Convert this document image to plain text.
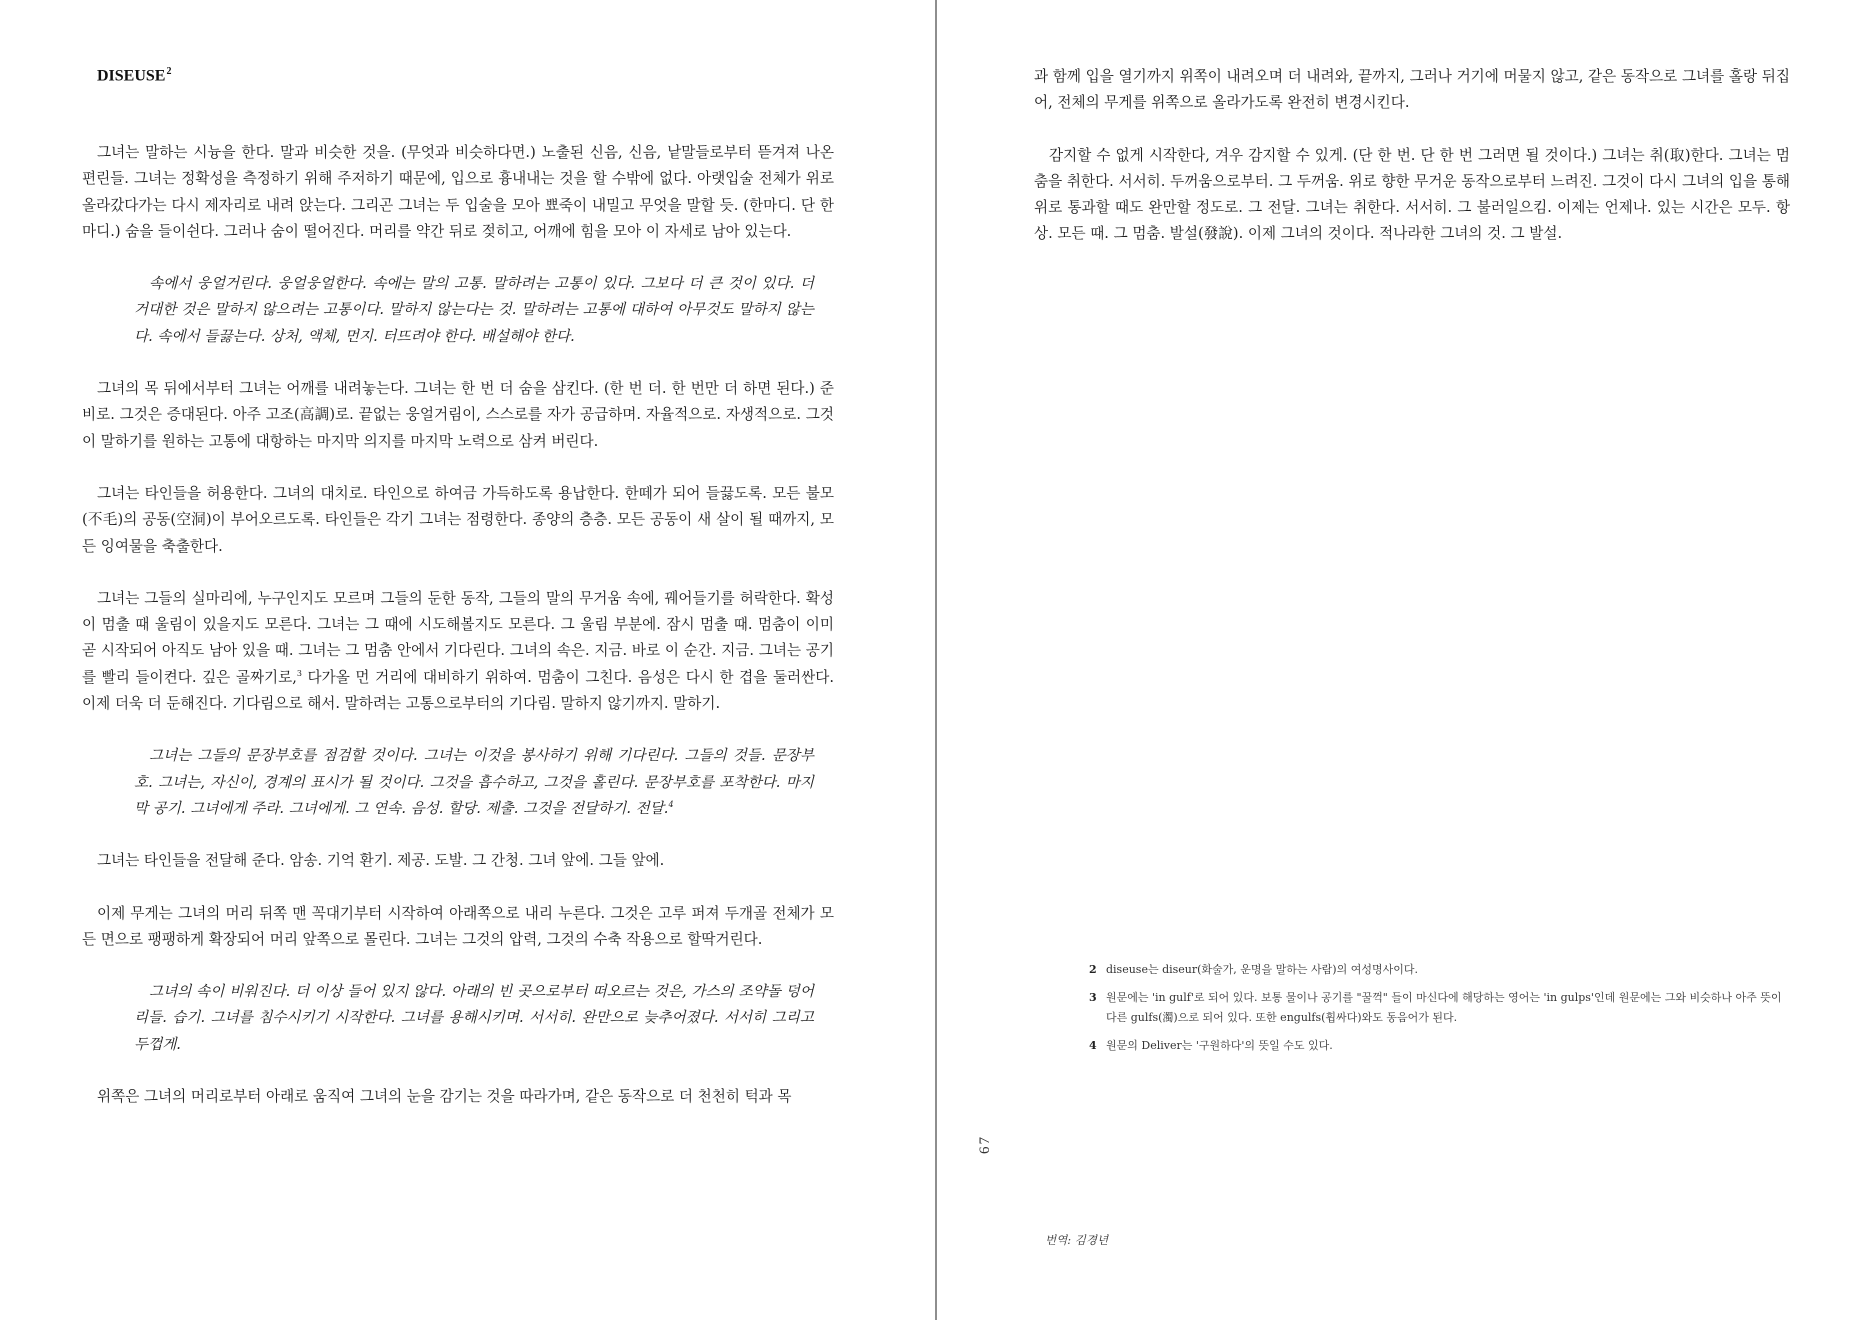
DISEUSE$^2$

그녀는 말하는 시늉을 한다. 말과 비슷한 것을. (무엇과 비슷하다면.) 노출된 신음, 신음, 낱말들로부터 뜯겨져 나온 편린들. 그녀는 정확성을 측정하기 위해 주저하기 때문에, 입으로 흉내내는 것을 할 수밖에 없다. 아랫입술 전체가 위로 올라갔다가는 다시 제자리로 내려 앉는다. 그리곤 그녀는 두 입술을 모아 뾰죽이 내밀고 무엇을 말할 듯. (한마디. 단 한마디.) 숨을 들이쉰다. 그러나 숨이 떨어진다. 머리를 약간 뒤로 젖히고, 어깨에 힘을 모아 이 자세로 남아 있는다.

속에서 웅얼거린다. 웅얼웅얼한다. 속에는 말의 고통. 말하려는 고통이 있다. 그보다 더 큰 것이 있다. 더 거대한 것은 말하지 않으려는 고통이다. 말하지 않는다는 것. 말하려는 고통에 대하여 아무것도 말하지 않는다. 속에서 들끓는다. 상처, 액체, 먼지. 터뜨려야 한다. 배설해야 한다.

그녀의 목 뒤에서부터 그녀는 어깨를 내려놓는다. 그녀는 한 번 더 숨을 삼킨다. (한 번 더. 한 번만 더 하면 된다.) 준비로. 그것은 증대된다. 아주 고조(高調)로. 끝없는 웅얼거림이, 스스로를 자가 공급하며. 자율적으로. 자생적으로. 그것이 말하기를 원하는 고통에 대항하는 마지막 의지를 마지막 노력으로 삼켜 버린다.

그녀는 타인들을 허용한다. 그녀의 대치로. 타인으로 하여금 가득하도록 용납한다. 한떼가 되어 들끓도록. 모든 불모(不毛)의 공동(空洞)이 부어오르도록. 타인들은 각기 그녀는 점령한다. 종양의 층층. 모든 공동이 새 살이 될 때까지, 모든 잉여물을 축출한다.

그녀는 그들의 실마리에, 누구인지도 모르며 그들의 둔한 동작, 그들의 말의 무거움 속에, 꿰어들기를 허락한다. 확성이 멈출 때 울림이 있을지도 모른다. 그녀는 그 때에 시도해볼지도 모른다. 그 울림 부분에. 잠시 멈출 때. 멈춤이 이미 곧 시작되어 아직도 남아 있을 때. 그녀는 그 멈춤 안에서 기다린다. 그녀의 속은. 지금. 바로 이 순간. 지금. 그녀는 공기를 빨리 들이켠다. 깊은 골짜기로,$^3$ 다가올 먼 거리에 대비하기 위하여. 멈춤이 그친다. 음성은 다시 한 겹을 둘러싼다. 이제 더욱 더 둔해진다. 기다림으로 해서. 말하려는 고통으로부터의 기다림. 말하지 않기까지. 말하기.

그녀는 그들의 문장부호를 점검할 것이다. 그녀는 이것을 봉사하기 위해 기다린다. 그들의 것들. 문장부호. 그녀는, 자신이, 경계의 표시가 될 것이다. 그것을 흡수하고, 그것을 홀린다. 문장부호를 포착한다. 마지막 공기. 그녀에게 주라. 그녀에게. 그 연속. 음성. 할당. 제출. 그것을 전달하기. 전달.$^4$

그녀는 타인들을 전달해 준다. 암송. 기억 환기. 제공. 도발. 그 간청. 그녀 앞에. 그들 앞에.

이제 무게는 그녀의 머리 뒤쪽 맨 꼭대기부터 시작하여 아래쪽으로 내리 누른다. 그것은 고루 퍼져 두개골 전체가 모든 면으로 팽팽하게 확장되어 머리 앞쪽으로 몰린다. 그녀는 그것의 압력, 그것의 수축 작용으로 할딱거린다.

그녀의 속이 비워진다. 더 이상 들어 있지 않다. 아래의 빈 곳으로부터 떠오르는 것은, 가스의 조약돌 덩어리들. 습기. 그녀를 침수시키기 시작한다. 그녀를 용해시키며. 서서히. 완만으로 늦추어졌다. 서서히 그리고 두껍게.

위쪽은 그녀의 머리로부터 아래로 움직여 그녀의 눈을 감기는 것을 따라가며, 같은 동작으로 더 천천히 턱과 목

과 함께 입을 열기까지 위쪽이 내려오며 더 내려와, 끝까지, 그러나 거기에 머물지 않고, 같은 동작으로 그녀를 홀랑 뒤집어, 전체의 무게를 위쪽으로 올라가도록 완전히 변경시킨다.

감지할 수 없게 시작한다, 겨우 감지할 수 있게. (단 한 번. 단 한 번 그러면 될 것이다.) 그녀는 취(取)한다. 그녀는 멈춤을 취한다. 서서히. 두꺼움으로부터. 그 두꺼움. 위로 향한 무거운 동작으로부터 느려진. 그것이 다시 그녀의 입을 통해 위로 통과할 때도 완만할 정도로. 그 전달. 그녀는 취한다. 서서히. 그 불러일으킴. 이제는 언제나. 있는 시간은 모두. 항상. 모든 때. 그 멈춤. 발설(發說). 이제 그녀의 것이다. 적나라한 그녀의 것. 그 발설.

67
2 diseuse는 diseur(화술가, 운명을 말하는 사람)의 여성명사이다.
3 원문에는 'in gulf'로 되어 있다. 보통 물이나 공기를 "꿀꺽" 들이 마신다에 해당하는 영어는 'in gulps'인데 원문에는 그와 비슷하나 아주 뜻이 다른 gulfs(濁)으로 되어 있다. 또한 engulfs(휩싸다)와도 동음어가 된다.
4 원문의 Deliver는 '구원하다'의 뜻일 수도 있다.
번역: 김경년
